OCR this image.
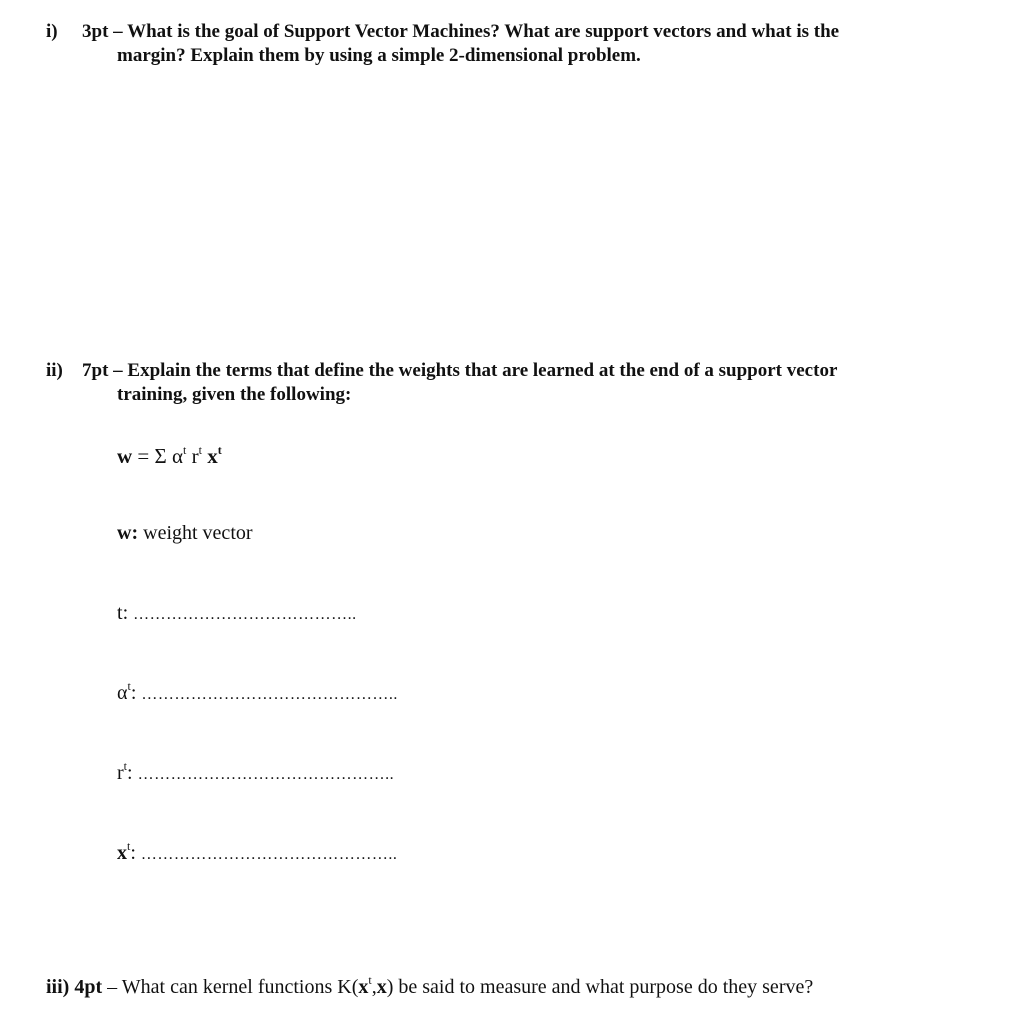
i) 3pt – What is the goal of Support Vector Machines? What are support vectors and what is the
margin? Explain them by using a simple 2-dimensional problem.
ii) 7pt – Explain the terms that define the weights that are learned at the end of a support vector
training, given the following:
w = Σ $\alpha^t$ $r^t$ $x^t$
w: weight vector
t: …………………………………..
$\alpha^t$: ………………………………………..
$r^t$: ………………………………………..
$x^t$: ………………………………………..
iii) 4pt – What can kernel functions $K(x^t,x)$ be said to measure and what purpose do they serve?
